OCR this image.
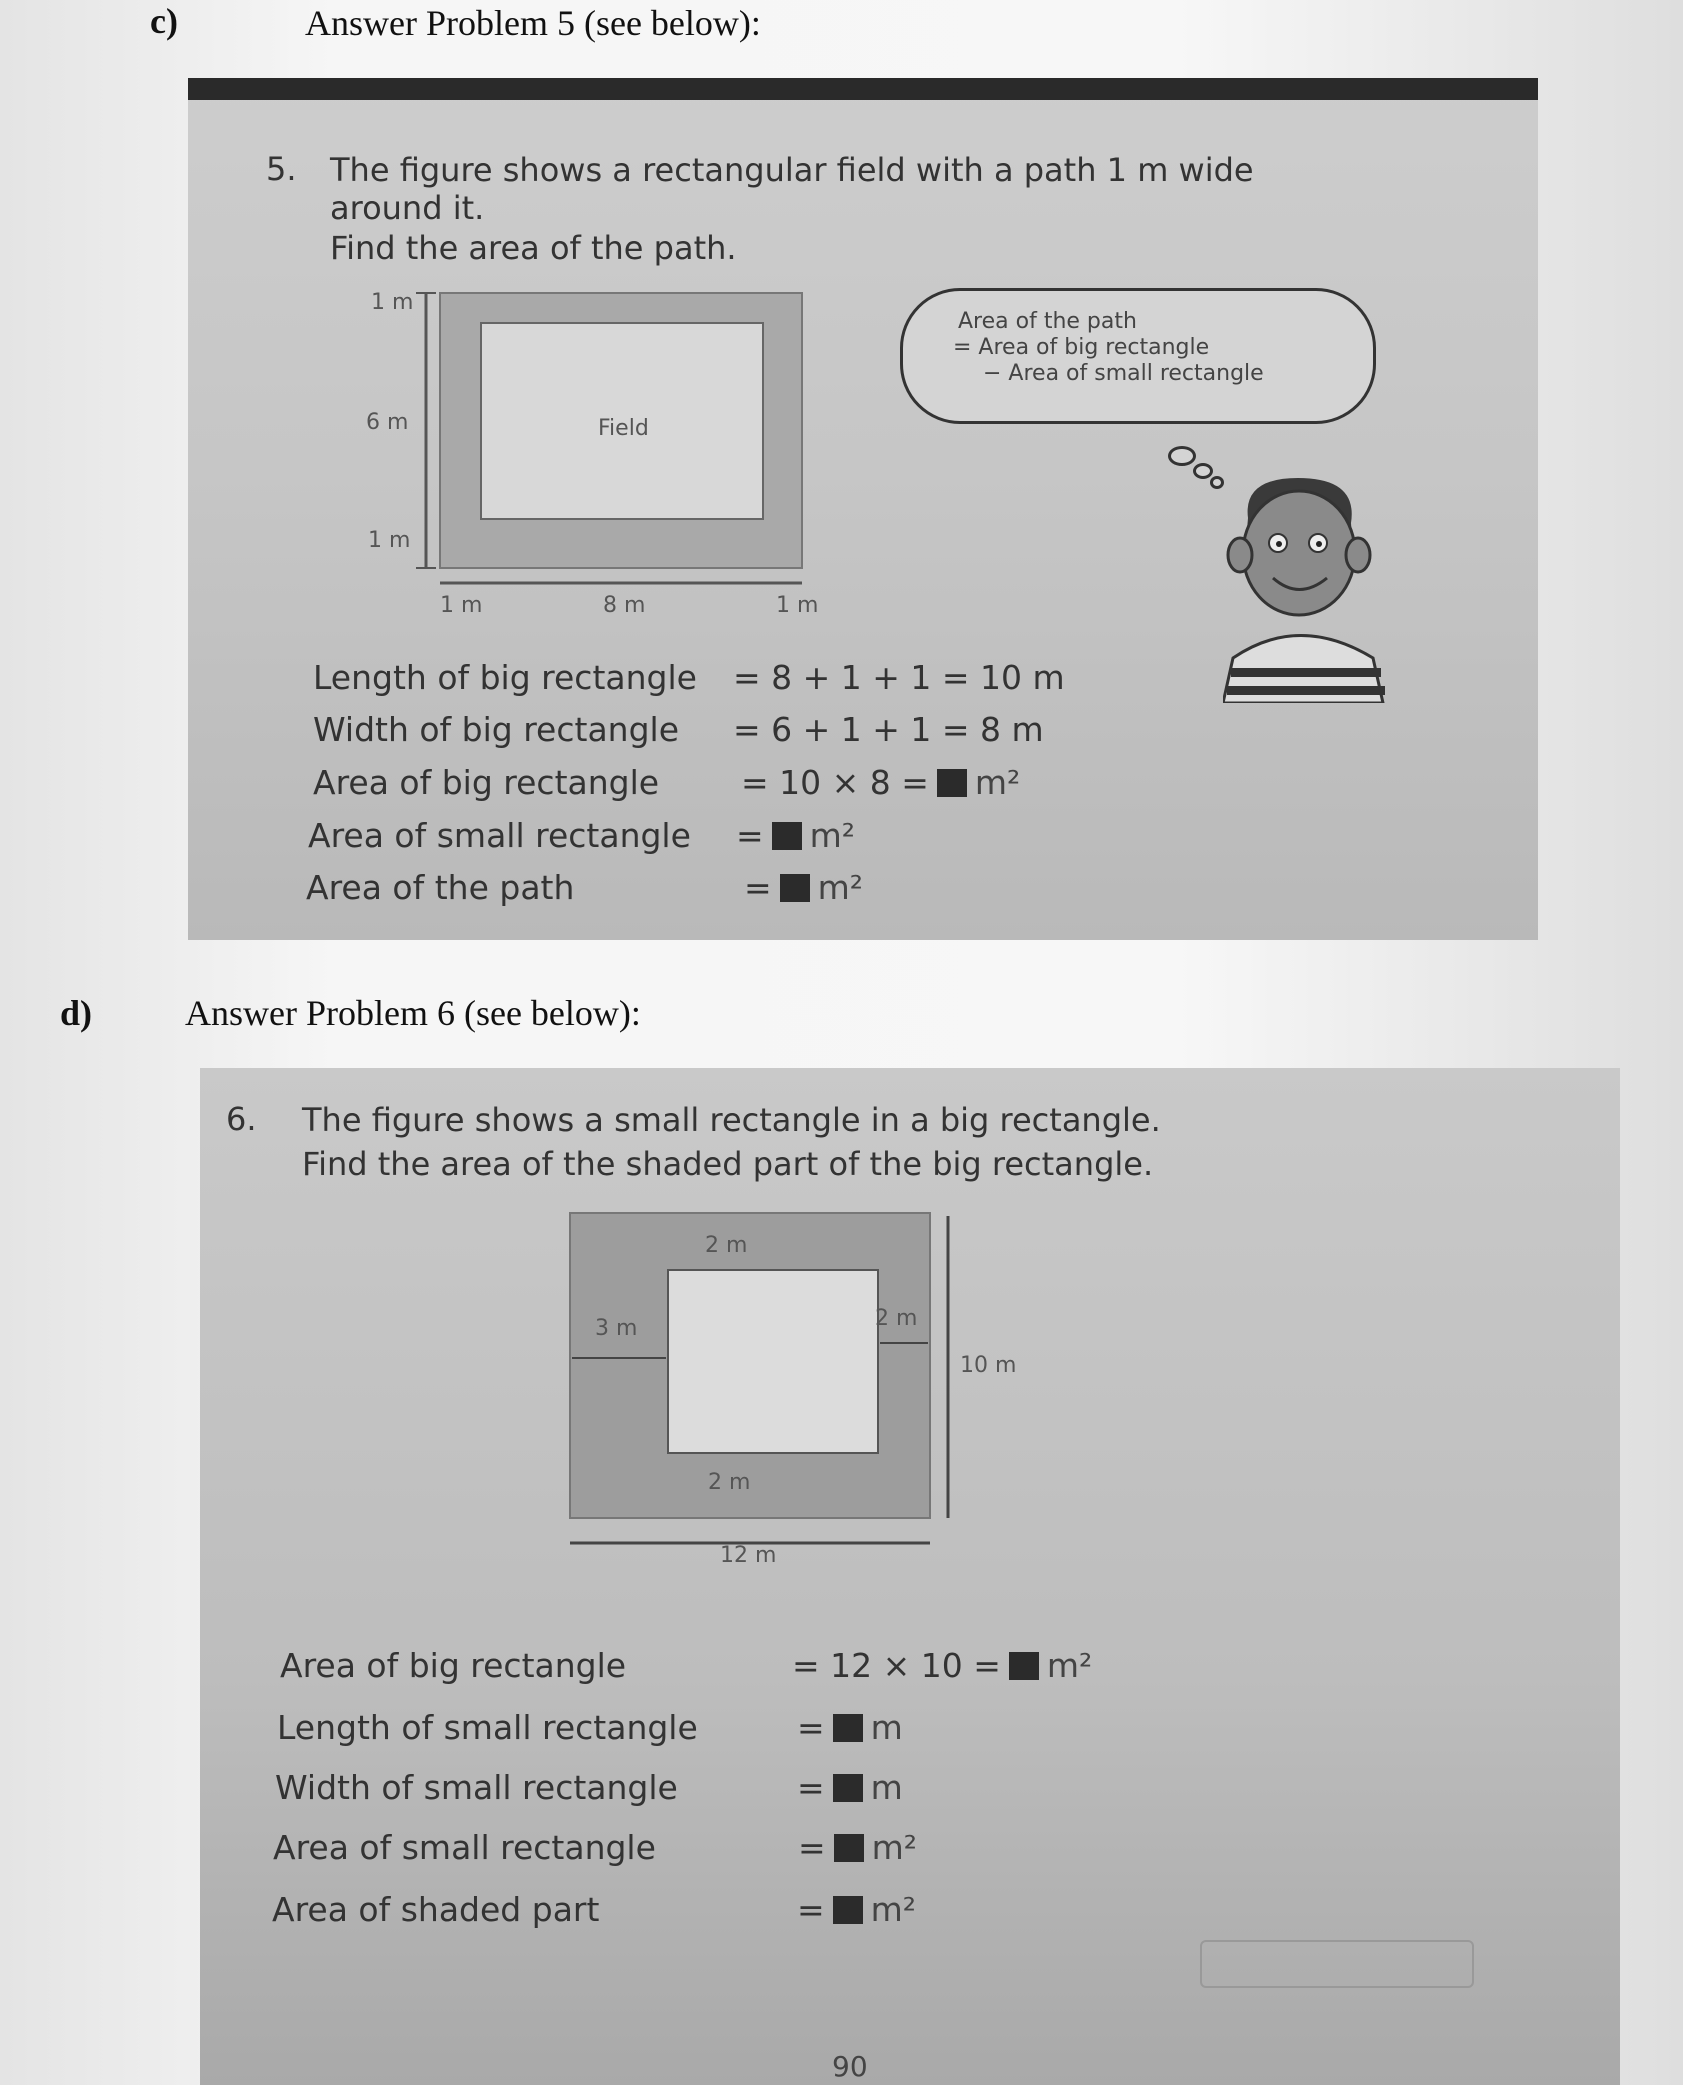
c)	Answer Problem 5 (see below):
5. The figure shows a rectangular field with a path 1 m wide
around it.
Find the area of the path.
1 m
6 m
1 m
1 m	8 m	1 m
Field
Area of the path
= Area of big rectangle
− Area of small rectangle
Length of big rectangle = 8 + 1 + 1 = 10 m
Width of big rectangle = 6 + 1 + 1 = 8 m
Area of big rectangle = 10 × 8 = m²
Area of small rectangle = m²
Area of the path	= m²
d)	Answer Problem 6 (see below):
6. The figure shows a small rectangle in a big rectangle.
Find the area of the shaded part of the big rectangle.
2 m
3 m	2 m
10 m
2 m
12 m
Area of big rectangle	= 12 × 10 = m²
Length of small rectangle	= m
Width of small rectangle	= m
Area of small rectangle	= m²
Area of shaded part	= m²
90
